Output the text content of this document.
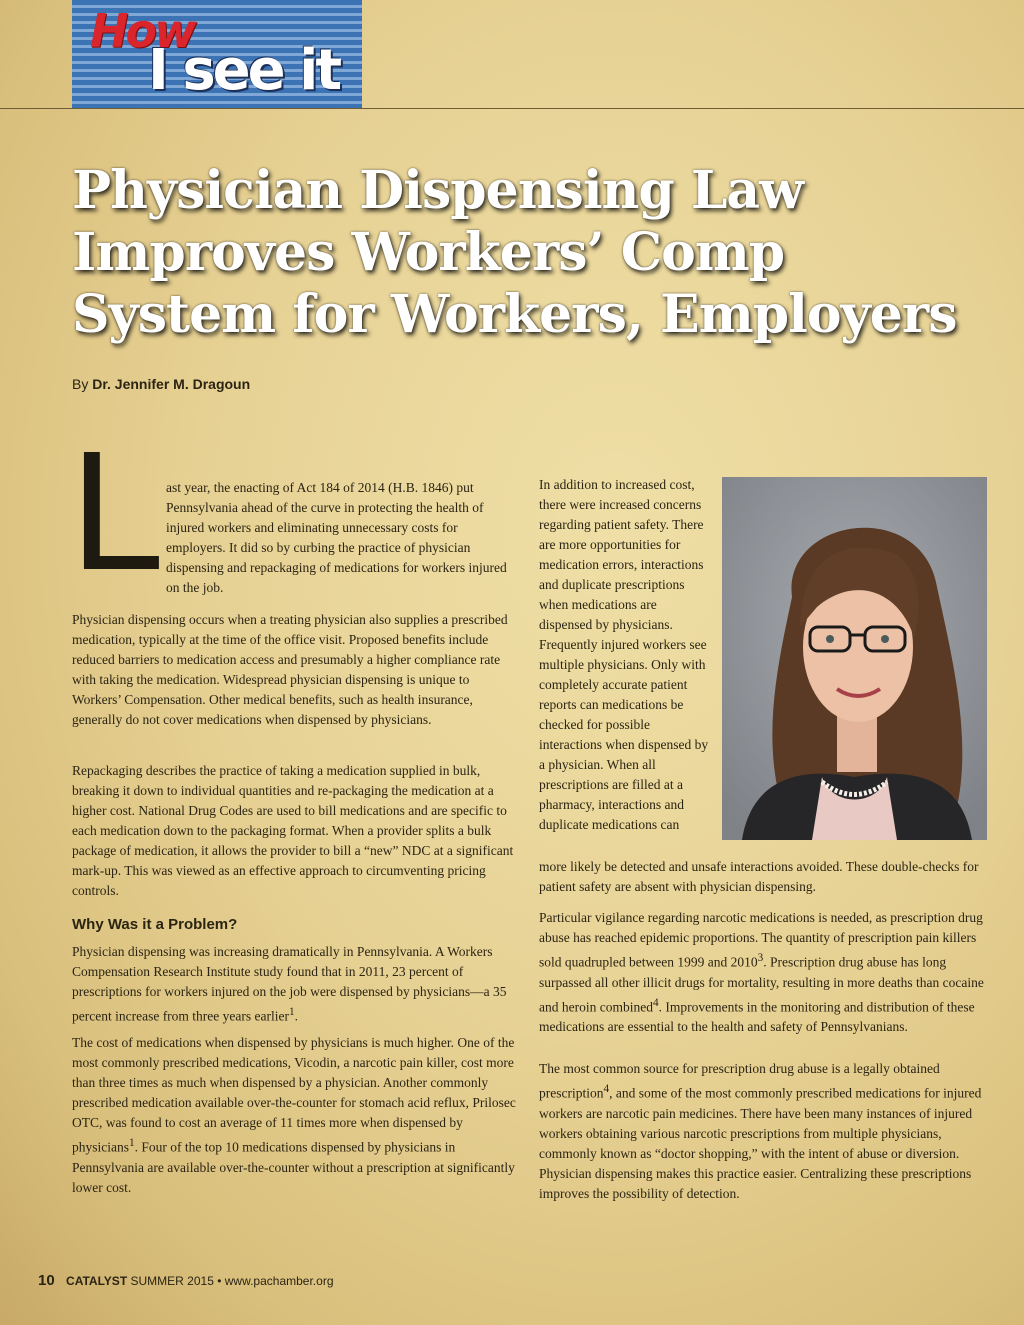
How
I see it
Physician Dispensing Law Improves Workers’ Comp System for Workers, Employers
By Dr. Jennifer M. Dragoun
L ast year, the enacting of Act 184 of 2014 (H.B. 1846) put Pennsylvania ahead of the curve in protecting the health of injured workers and eliminating unnecessary costs for employers. It did so by curbing the practice of physician dispensing and repackaging of medications for workers injured on the job.

Physician dispensing occurs when a treating physician also supplies a prescribed medication, typically at the time of the office visit. Proposed benefits include reduced barriers to medication access and presumably a higher compliance rate with taking the medication. Widespread physician dispensing is unique to Workers’ Compensation. Other medical benefits, such as health insurance, generally do not cover medications when dispensed by physicians.

Repackaging describes the practice of taking a medication supplied in bulk, breaking it down to individual quantities and re-packaging the medication at a higher cost. National Drug Codes are used to bill medications and are specific to each medication down to the packaging format. When a provider splits a bulk package of medication, it allows the provider to bill a “new” NDC at a significant mark-up. This was viewed as an effective approach to circumventing pricing controls.

Why Was it a Problem?

Physician dispensing was increasing dramatically in Pennsylvania. A Workers Compensation Research Institute study found that in 2011, 23 percent of prescriptions for workers injured on the job were dispensed by physicians—a 35 percent increase from three years earlier$^1$.

The cost of medications when dispensed by physicians is much higher. One of the most commonly prescribed medications, Vicodin, a narcotic pain killer, cost more than three times as much when dispensed by a physician. Another commonly prescribed medication available over-the-counter for stomach acid reflux, Prilosec OTC, was found to cost an average of 11 times more when dispensed by physicians$^1$. Four of the top 10 medications dispensed by physicians in Pennsylvania are available over-the-counter without a prescription at significantly lower cost.

In addition to increased cost, there were increased concerns regarding patient safety. There are more opportunities for medication errors, interactions and duplicate prescriptions when medications are dispensed by physicians. Frequently injured workers see multiple physicians. Only with completely accurate patient reports can medications be checked for possible interactions when dispensed by a physician. When all prescriptions are filled at a pharmacy, interactions and duplicate medications can

more likely be detected and unsafe interactions avoided. These double-checks for patient safety are absent with physician dispensing.

Particular vigilance regarding narcotic medications is needed, as prescription drug abuse has reached epidemic proportions. The quantity of prescription pain killers sold quadrupled between 1999 and 2010$^3$. Prescription drug abuse has long surpassed all other illicit drugs for mortality, resulting in more deaths than cocaine and heroin combined$^4$. Improvements in the monitoring and distribution of these medications are essential to the health and safety of Pennsylvanians.

The most common source for prescription drug abuse is a legally obtained prescription$^4$, and some of the most commonly prescribed medications for injured workers are narcotic pain medicines. There have been many instances of injured workers obtaining various narcotic prescriptions from multiple physicians, commonly known as “doctor shopping,” with the intent of abuse or diversion. Physician dispensing makes this practice easier. Centralizing these prescriptions improves the possibility of detection.

10 CATALYST SUMMER 2015 • www.pachamber.org
